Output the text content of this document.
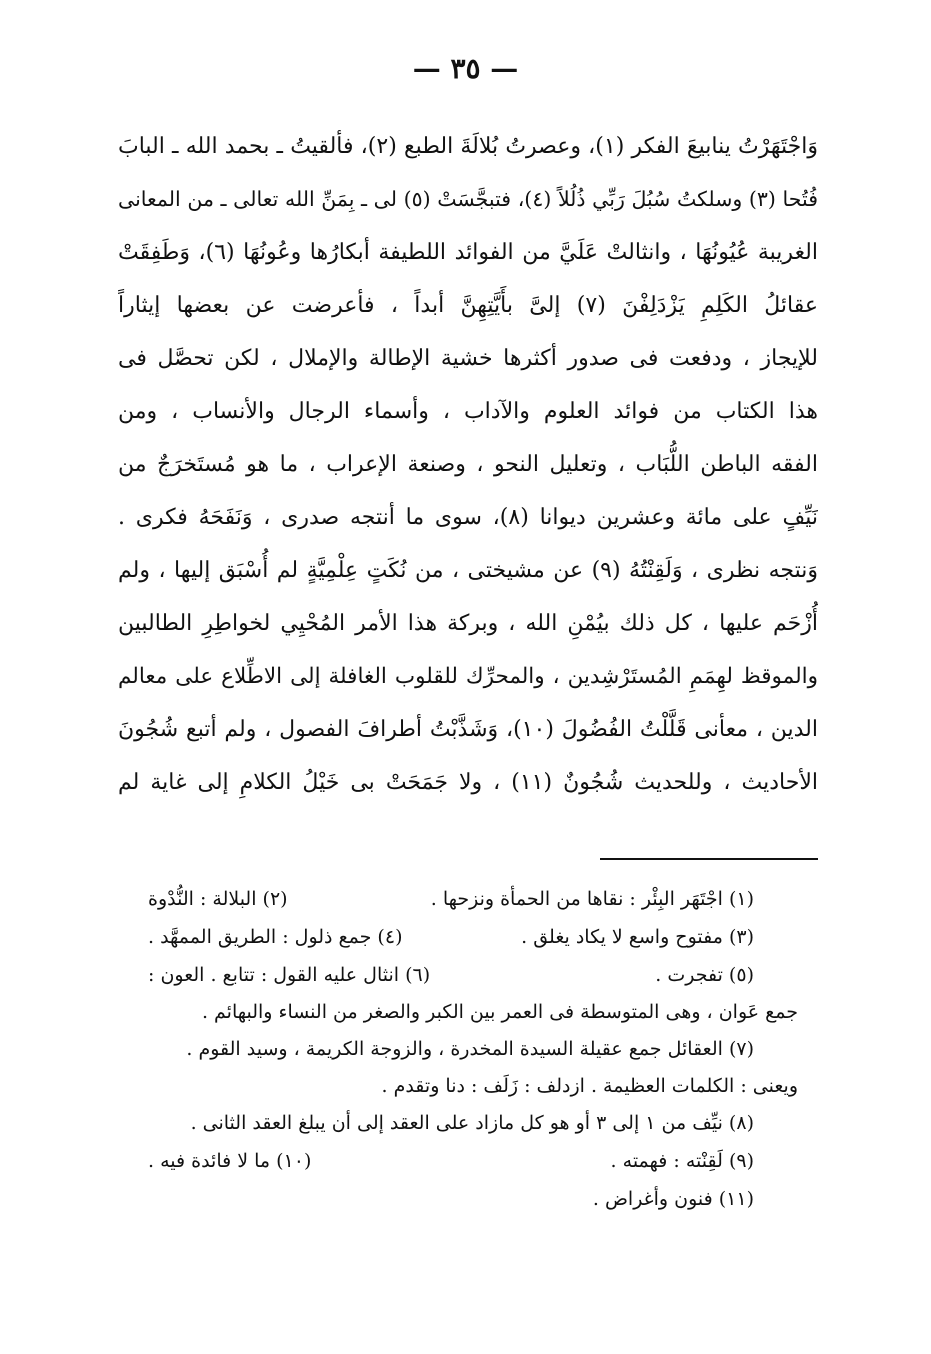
— ٣٥ —
وَاجْتَهَرْتُ ينابيعَ الفكر (١)، وعصرتُ بُلالَةَ الطبع (٢)، فألقيتُ ـ بحمد الله ـ البابَ
فُتُحا (٣) وسلكتُ سُبُلَ رَبِّي ذُلُلاً (٤)، فتبجَّسَتْ (٥) لى ـ بِمَنِّ الله تعالى ـ من المعانى
الغريبة عُيُونُهَا ، وانثالتْ عَلَيَّ من الفوائد اللطيفة أبكارُها وعُونُهَا (٦)، وَطَفِقَتْ
عقائلُ الكَلِمِ يَزْدَلِفْنَ (٧) إلىَّ بأَيَّتِهِنَّ أبداً ، فأعرضت عن بعضها إيثاراً
للإيجاز ، ودفعت فى صدور أكثرها خشية الإطالة والإملال ، لكن تحصَّل فى
هذا الكتاب من فوائد العلوم والآداب ، وأسماء الرجال والأنساب ، ومن
الفقه الباطن اللُّبَاب ، وتعليل النحو ، وصنعة الإعراب ، ما هو مُستَخرَجٌ من
نَيِّفٍ على مائة وعشرين ديوانا (٨)، سوى ما أنتجه صدرى ، وَنَفَحَهُ فكرى .
وَنتجه نظرى ، وَلَقِنْتُهُ (٩) عن مشيختى ، من نُكَتٍ عِلْمِيَّةٍ لم أُسْبَق إليها ، ولم
أُزْحَم عليها ، كل ذلك بيُمْنِ الله ، وبركة هذا الأمر المُحْيِي لخواطِرِ الطالبين
والموقظ لهِمَمِ المُستَرْشِدين ، والمحرِّك للقلوب الغافلة إلى الاطِّلاع على معالم
الدين ، معأنى قَلَّلْتُ الفُضُولَ (١٠)، وَشَذَّبْتُ أطرافَ الفصول ، ولم أتبع شُجُونَ
الأحاديث ، وللحديث شُجُونٌ (١١) ، ولا جَمَحَتْ بى خَيْلُ الكلامِ إلى غاية لم
(١) اجْتَهَر البِئْر : نقاها من الحمأة ونزحها .
(٢) البلالة : النُّدْوة
(٣) مفتوح واسع لا يكاد يغلق .
(٤) جمع ذلول : الطريق الممهَّد .
(٥) تفجرت .
(٦) انثال عليه القول : تتابع . العون :
جمع عَوان ، وهى المتوسطة فى العمر بين الكبر والصغر من النساء والبهائم .
(٧) العقائل جمع عقيلة السيدة المخدرة ، والزوجة الكريمة ، وسيد القوم .
ويعنى : الكلمات العظيمة . ازدلف : زَلَف : دنا وتقدم .
(٨) نيِّف من ١ إلى ٣ أو هو كل مازاد على العقد إلى أن يبلغ العقد الثانى .
(٩) لَقِنْته : فهمته .
(١٠) ما لا فائدة فيه .
(١١) فنون وأغراض .
